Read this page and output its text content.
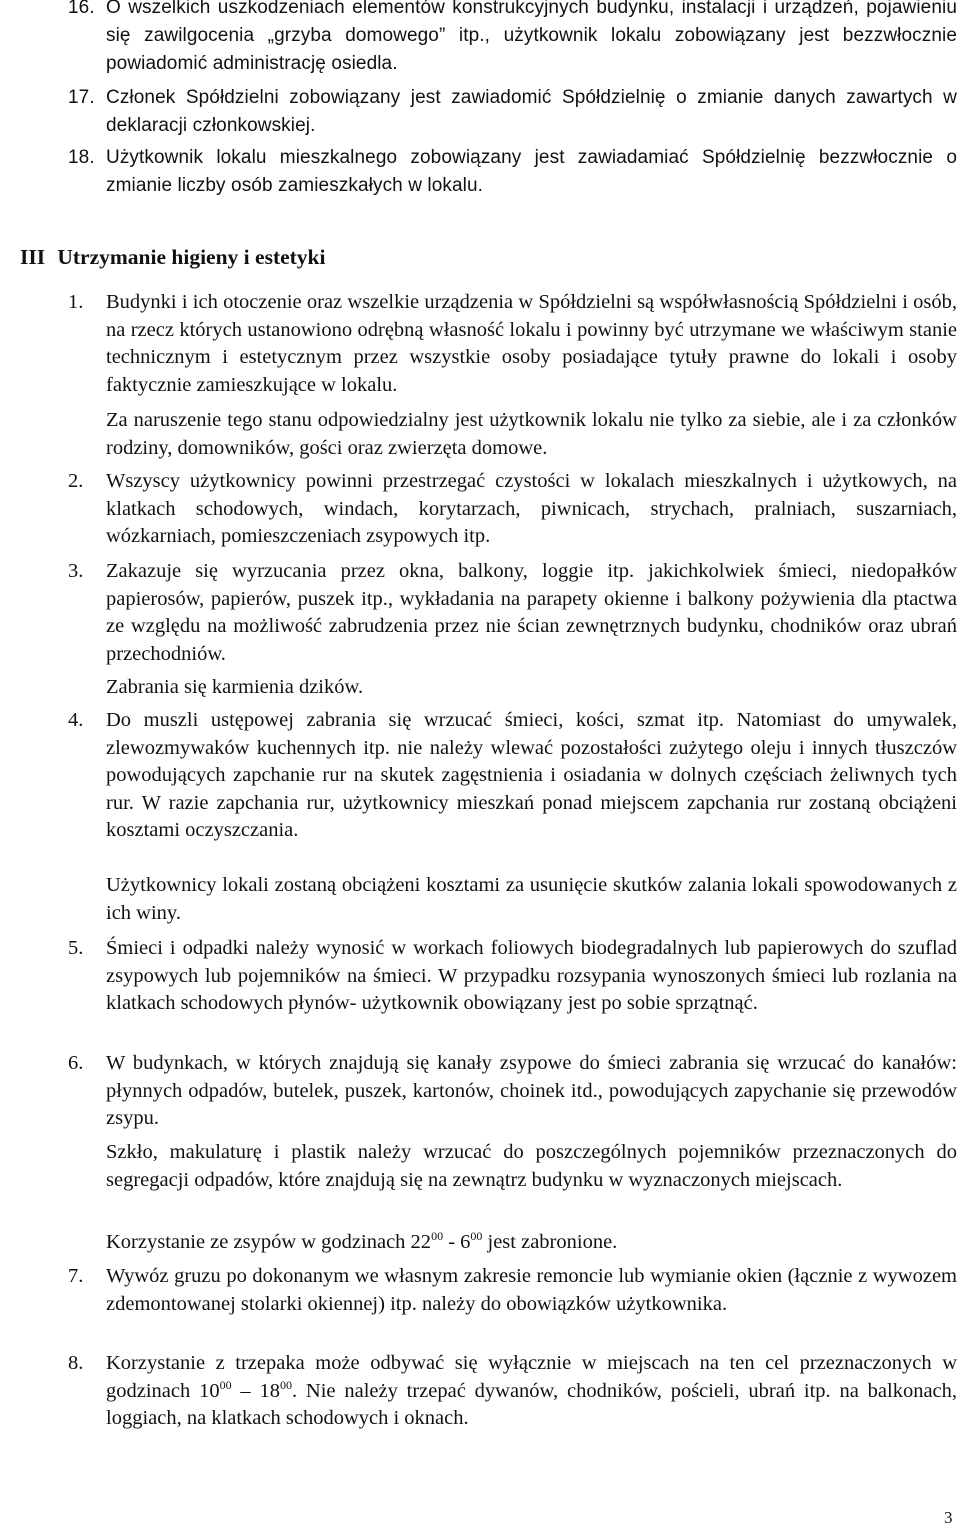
16. O wszelkich uszkodzeniach elementów konstrukcyjnych budynku, instalacji i urządzeń, pojawieniu się zawilgocenia „grzyba domowego” itp., użytkownik lokalu zobowiązany jest bezzwłocznie powiadomić administrację osiedla.
17. Członek Spółdzielni zobowiązany jest zawiadomić Spółdzielnię o zmianie danych zawartych w deklaracji członkowskiej.
18. Użytkownik lokalu mieszkalnego zobowiązany jest zawiadamiać Spółdzielnię bezzwłocznie o zmianie liczby osób zamieszkałych w lokalu.
III Utrzymanie higieny i estetyki
1.	Budynki i ich otoczenie oraz wszelkie urządzenia w Spółdzielni są współwłasnością Spółdzielni i osób, na rzecz których ustanowiono odrębną własność lokalu i powinny być utrzymane we właściwym stanie technicznym i estetycznym przez wszystkie osoby posiadające tytuły prawne do lokali i osoby faktycznie zamieszkujące w lokalu.
Za naruszenie tego stanu odpowiedzialny jest użytkownik lokalu nie tylko za siebie, ale i za członków rodziny, domowników, gości oraz zwierzęta domowe.
2.	Wszyscy użytkownicy powinni przestrzegać czystości w lokalach mieszkalnych i użytkowych, na klatkach schodowych, windach, korytarzach, piwnicach, strychach, pralniach, suszarniach, wózkarniach, pomieszczeniach zsypowych itp.
3.	Zakazuje się wyrzucania przez okna, balkony, loggie itp. jakichkolwiek śmieci, niedopałków papierosów, papierów, puszek itp., wykładania na parapety okienne i balkony pożywienia dla ptactwa ze względu na możliwość zabrudzenia przez nie ścian zewnętrznych budynku, chodników oraz ubrań przechodniów.
Zabrania się karmienia dzików.
4.	Do muszli ustępowej zabrania się wrzucać śmieci, kości, szmat itp. Natomiast do umywalek, zlewozmywaków kuchennych itp. nie należy wlewać pozostałości zużytego oleju i innych tłuszczów powodujących zapchanie rur na skutek zagęstnienia i osiadania w dolnych częściach żeliwnych tych rur. W razie zapchania rur, użytkownicy mieszkań ponad miejscem zapchania rur zostaną obciążeni kosztami oczyszczania.
Użytkownicy lokali zostaną obciążeni kosztami za usunięcie skutków zalania lokali spowodowanych z ich winy.
5.	Śmieci i odpadki należy wynosić w workach foliowych biodegradalnych lub papierowych do szuflad zsypowych lub pojemników na śmieci. W przypadku rozsypania wynoszonych śmieci lub rozlania na klatkach schodowych płynów- użytkownik obowiązany jest po sobie sprzątnąć.
6.	W budynkach, w których znajdują się kanały zsypowe do śmieci zabrania się wrzucać do kanałów: płynnych odpadów, butelek, puszek, kartonów, choinek itd., powodujących zapychanie się przewodów zsypu.
Szkło, makulaturę i plastik należy wrzucać do poszczególnych pojemników przeznaczonych do segregacji odpadów, które znajdują się na zewnątrz budynku w wyznaczonych miejscach.
Korzystanie ze zsypów w godzinach $22^{00} - 6^{00}$ jest zabronione.
7.	Wywóz gruzu po dokonanym we własnym zakresie remoncie lub wymianie okien (łącznie z wywozem zdemontowanej stolarki okiennej) itp. należy do obowiązków użytkownika.
8.	Korzystanie z trzepaka może odbywać się wyłącznie w miejscach na ten cel przeznaczonych w godzinach $10^{00} - 18^{00}$. Nie należy trzepać dywanów, chodników, pościeli, ubrań itp. na balkonach, loggiach, na klatkach schodowych i oknach.
3
